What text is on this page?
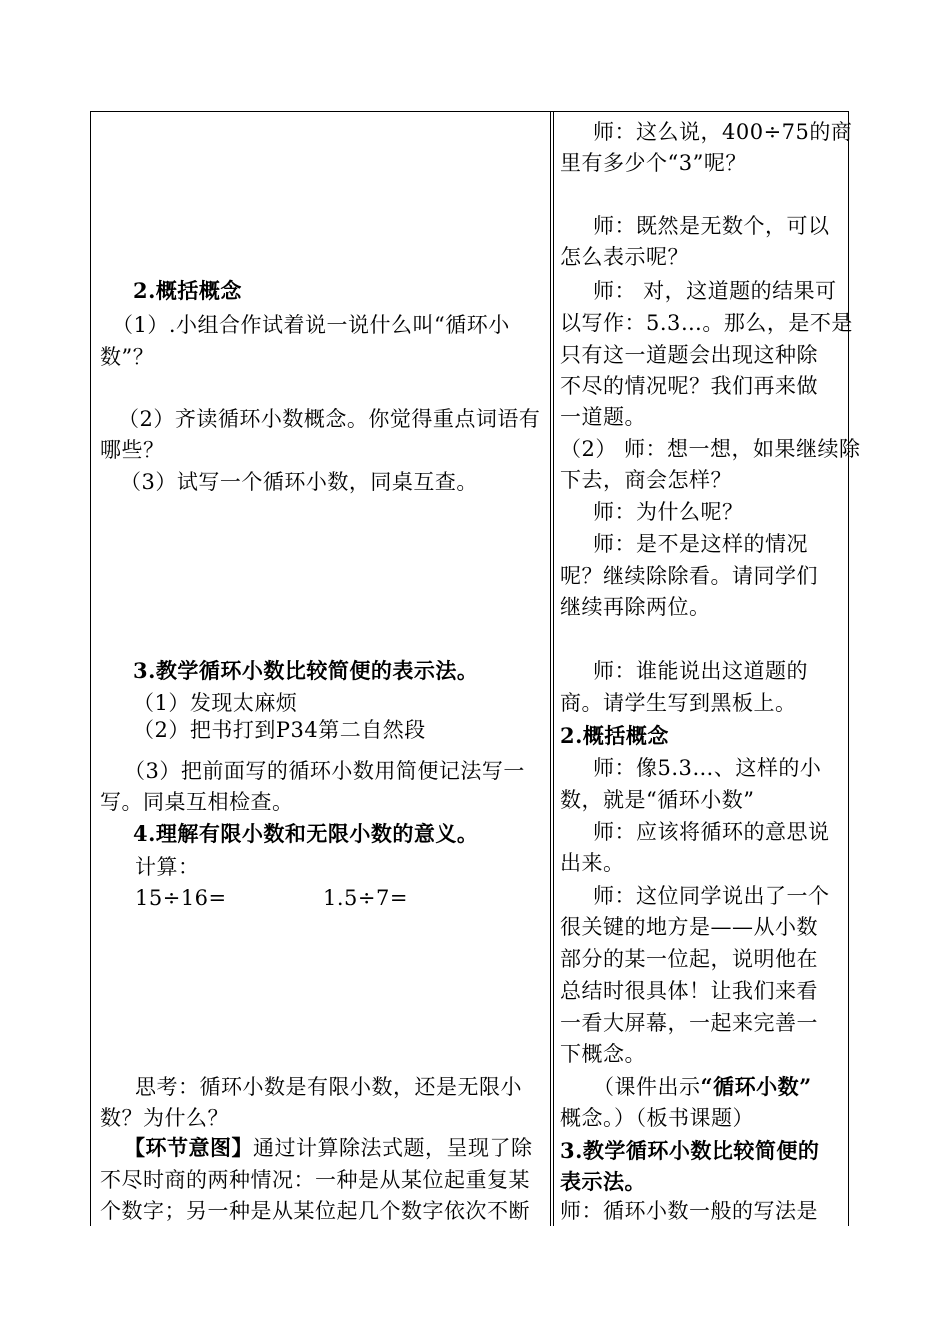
2.概括概念
（1）.小组合作试着说一说什么叫“循环小
数”？
（2）齐读循环小数概念。你觉得重点词语有
哪些？
（3）试写一个循环小数，同桌互查。
3.教学循环小数比较简便的表示法。
（1）发现太麻烦
（2）把书打到P34第二自然段
（3）把前面写的循环小数用简便记法写一
写。同桌互相检查。
4.理解有限小数和无限小数的意义。
计算：
15÷16=	1.5÷7=
思考：循环小数是有限小数，还是无限小
数？为什么？
【环节意图】通过计算除法式题，呈现了除
不尽时商的两种情况：一种是从某位起重复某
个数字；另一种是从某位起几个数字依次不断
师：这么说，400÷75的商
里有多少个“3”呢？
师：既然是无数个，可以
怎么表示呢？
师： 对，这道题的结果可
以写作：5.3…。那么，是不是
只有这一道题会出现这种除
不尽的情况呢？我们再来做
一道题。
（2） 师：想一想，如果继续除
下去，商会怎样？
师：为什么呢？
师：是不是这样的情况
呢？继续除除看。请同学们
继续再除两位。
师：谁能说出这道题的
商。请学生写到黑板上。
2.概括概念
师：像5.3…、这样的小
数，就是“循环小数”
师：应该将循环的意思说
出来。
师：这位同学说出了一个
很关键的地方是——从小数
部分的某一位起，说明他在
总结时很具体！让我们来看
一看大屏幕，一起来完善一
下概念。
（课件出示“循环小数”
概念。）（板书课题）
3.教学循环小数比较简便的
表示法。
师：循环小数一般的写法是
